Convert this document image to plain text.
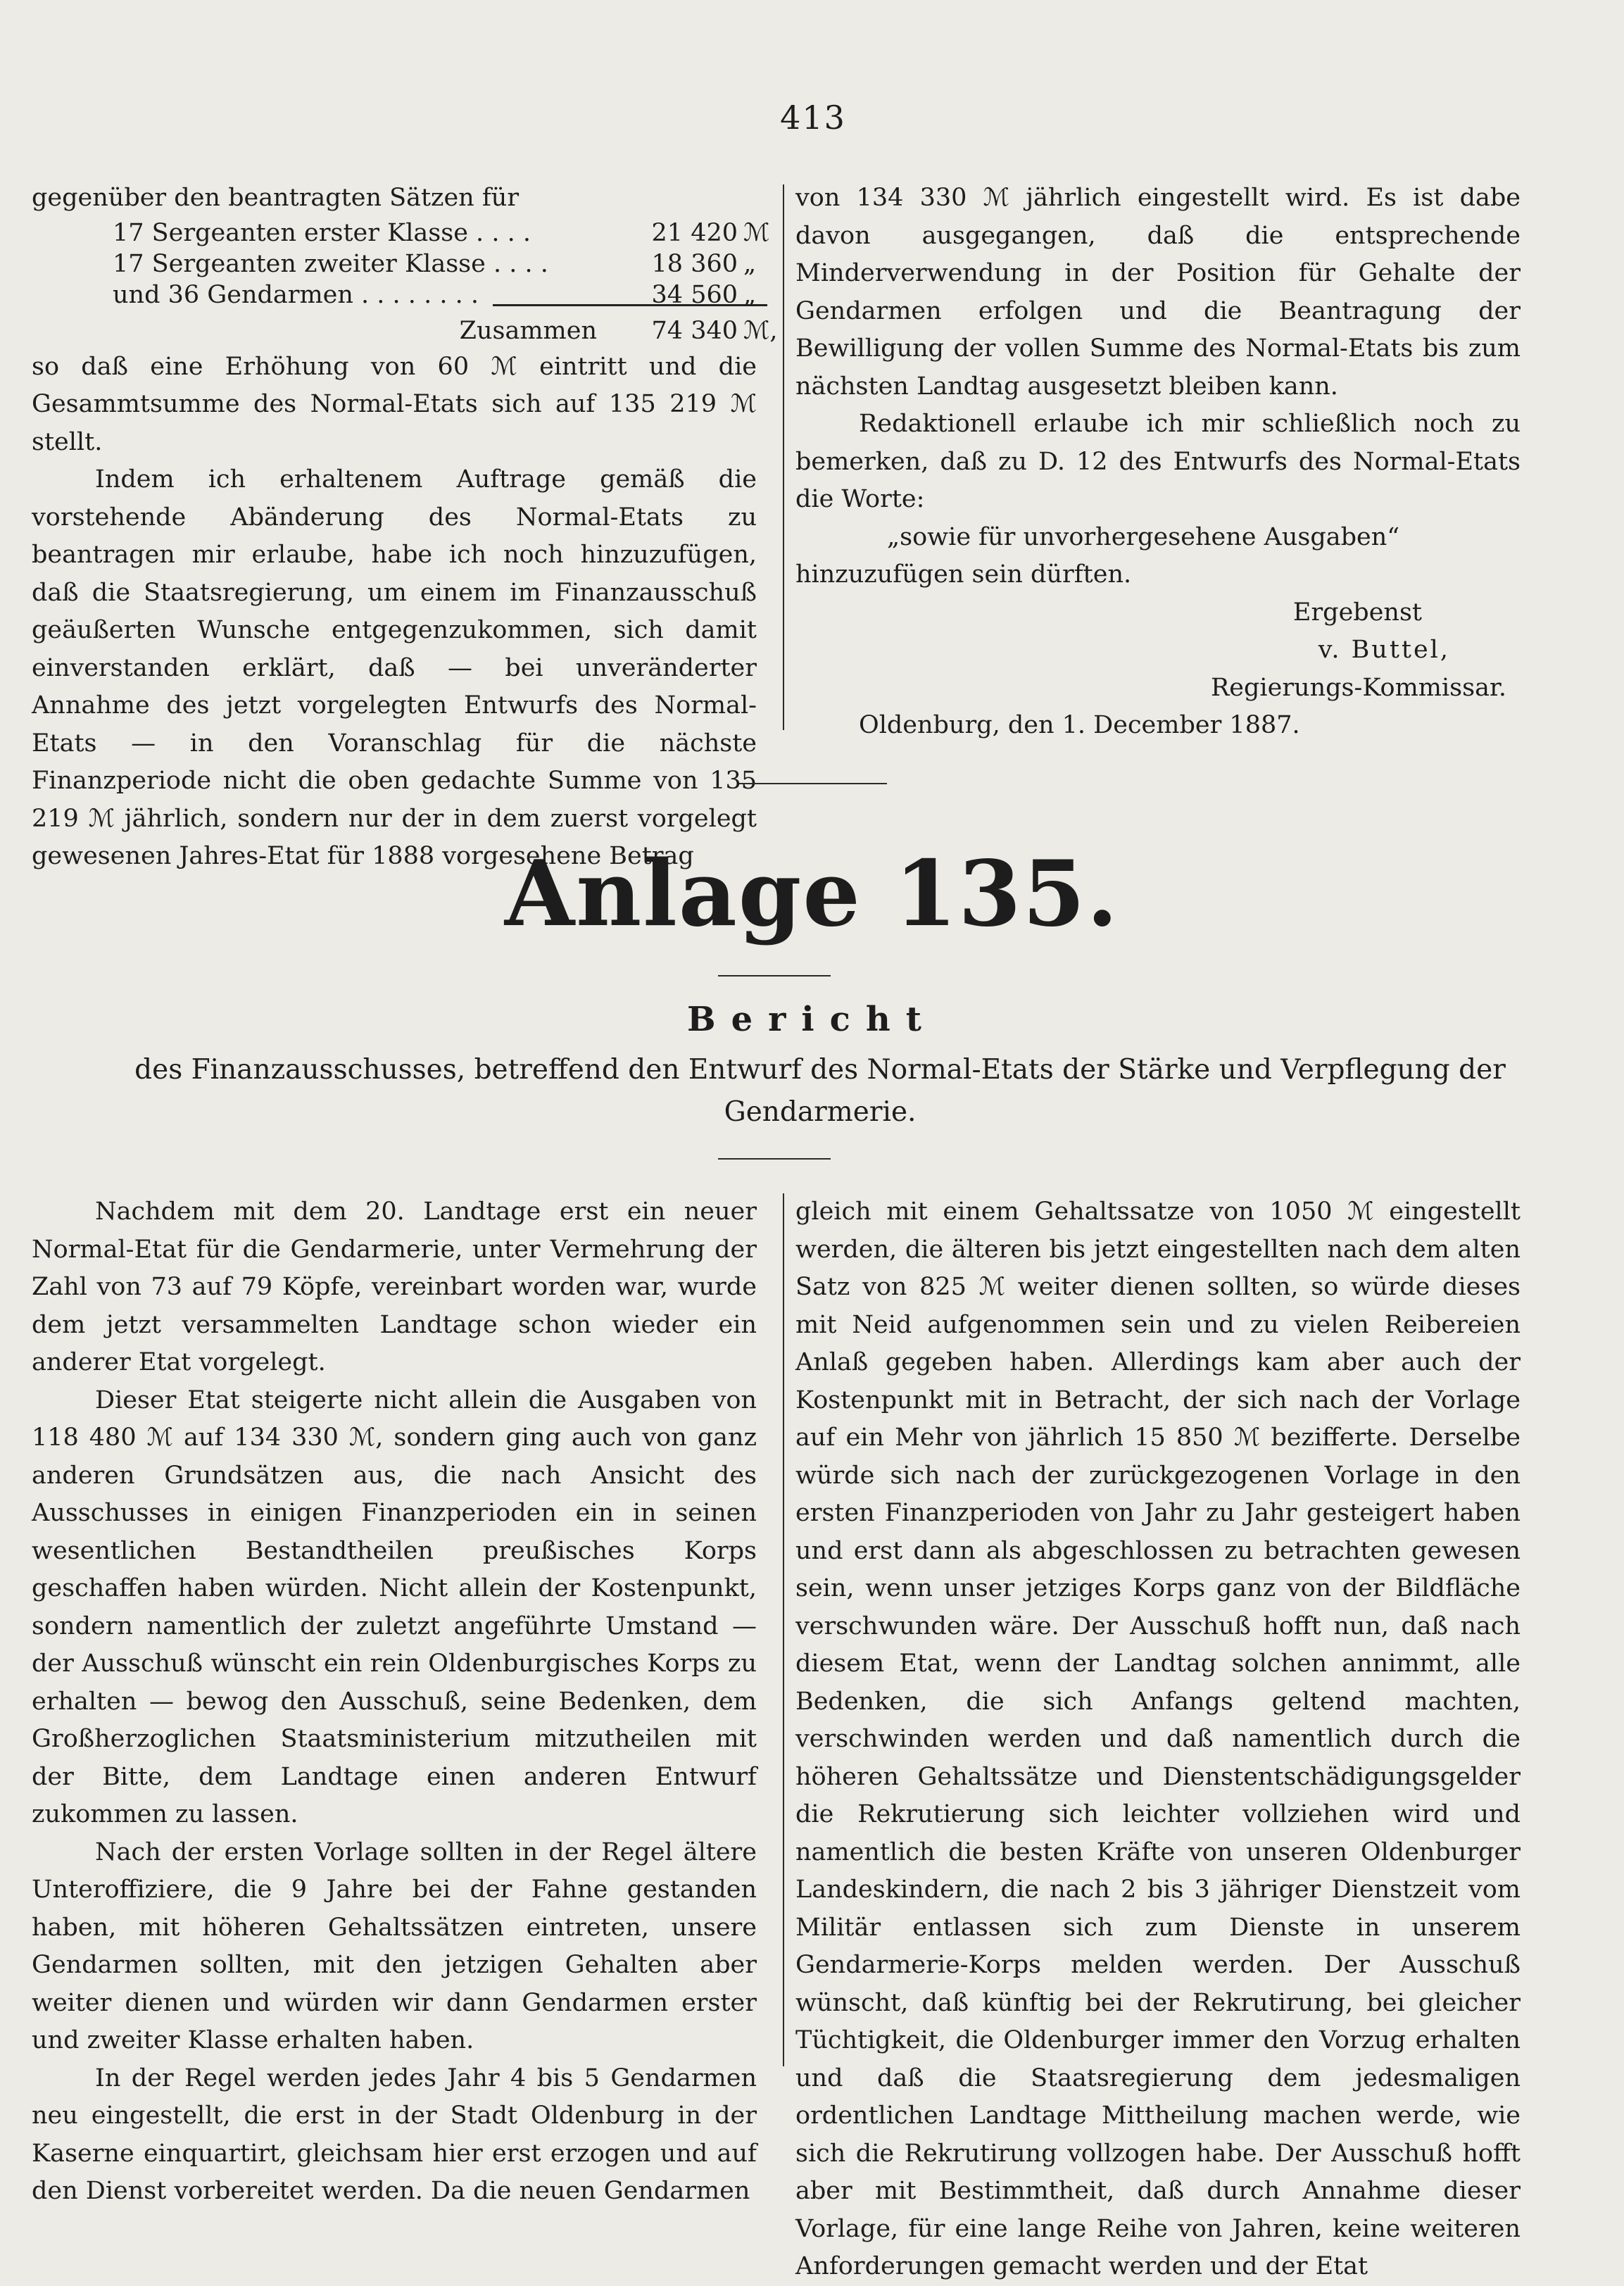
413

gegenüber den beantragten Sätzen für

17 Sergeanten erster Klasse . . . .	21 420 ℳ
17 Sergeanten zweiter Klasse . . . .	18 360 „
und 36 Gendarmen . . . . . . . .	34 560 „
Zusammen	74 340 ℳ,

so daß eine Erhöhung von 60 ℳ eintritt und die Gesammtsumme des Normal-Etats sich auf 135 219 ℳ stellt.

Indem ich erhaltenem Auftrage gemäß die vorstehende Abänderung des Normal-Etats zu beantragen mir erlaube, habe ich noch hinzuzufügen, daß die Staatsregierung, um einem im Finanzausschuß geäußerten Wunsche entgegenzukommen, sich damit einverstanden erklärt, daß — bei unveränderter Annahme des jetzt vorgelegten Entwurfs des Normal-Etats — in den Voranschlag für die nächste Finanzperiode nicht die oben gedachte Summe von 135 219 ℳ jährlich, sondern nur der in dem zuerst vorgelegt gewesenen Jahres-Etat für 1888 vorgesehene Betrag

von 134 330 ℳ jährlich eingestellt wird. Es ist dabe davon ausgegangen, daß die entsprechende Minderverwendung in der Position für Gehalte der Gendarmen erfolgen und die Beantragung der Bewilligung der vollen Summe des Normal-Etats bis zum nächsten Landtag ausgesetzt bleiben kann.

Redaktionell erlaube ich mir schließlich noch zu bemerken, daß zu D. 12 des Entwurfs des Normal-Etats die Worte:

„sowie für unvorhergesehene Ausgaben“

hinzuzufügen sein dürften.

Ergebenst

v. Buttel,

Regierungs-Kommissar.

Oldenburg, den 1. December 1887.

Anlage 135.
Bericht
des Finanzausschusses, betreffend den Entwurf des Normal-Etats der Stärke und Verpflegung der Gendarmerie.

Nachdem mit dem 20. Landtage erst ein neuer Normal-Etat für die Gendarmerie, unter Vermehrung der Zahl von 73 auf 79 Köpfe, vereinbart worden war, wurde dem jetzt versammelten Landtage schon wieder ein anderer Etat vorgelegt.

Dieser Etat steigerte nicht allein die Ausgaben von 118 480 ℳ auf 134 330 ℳ, sondern ging auch von ganz anderen Grundsätzen aus, die nach Ansicht des Ausschusses in einigen Finanzperioden ein in seinen wesentlichen Bestandtheilen preußisches Korps geschaffen haben würden. Nicht allein der Kostenpunkt, sondern namentlich der zuletzt angeführte Umstand — der Ausschuß wünscht ein rein Oldenburgisches Korps zu erhalten — bewog den Ausschuß, seine Bedenken, dem Großherzoglichen Staatsministerium mitzutheilen mit der Bitte, dem Landtage einen anderen Entwurf zukommen zu lassen.

Nach der ersten Vorlage sollten in der Regel ältere Unteroffiziere, die 9 Jahre bei der Fahne gestanden haben, mit höheren Gehaltssätzen eintreten, unsere Gendarmen sollten, mit den jetzigen Gehalten aber weiter dienen und würden wir dann Gendarmen erster und zweiter Klasse erhalten haben.

In der Regel werden jedes Jahr 4 bis 5 Gendarmen neu eingestellt, die erst in der Stadt Oldenburg in der Kaserne einquartirt, gleichsam hier erst erzogen und auf den Dienst vorbereitet werden. Da die neuen Gendarmen

gleich mit einem Gehaltssatze von 1050 ℳ eingestellt werden, die älteren bis jetzt eingestellten nach dem alten Satz von 825 ℳ weiter dienen sollten, so würde dieses mit Neid aufgenommen sein und zu vielen Reibereien Anlaß gegeben haben. Allerdings kam aber auch der Kostenpunkt mit in Betracht, der sich nach der Vorlage auf ein Mehr von jährlich 15 850 ℳ bezifferte. Derselbe würde sich nach der zurückgezogenen Vorlage in den ersten Finanzperioden von Jahr zu Jahr gesteigert haben und erst dann als abgeschlossen zu betrachten gewesen sein, wenn unser jetziges Korps ganz von der Bildfläche verschwunden wäre. Der Ausschuß hofft nun, daß nach diesem Etat, wenn der Landtag solchen annimmt, alle Bedenken, die sich Anfangs geltend machten, verschwinden werden und daß namentlich durch die höheren Gehaltssätze und Dienstentschädigungsgelder die Rekrutierung sich leichter vollziehen wird und namentlich die besten Kräfte von unseren Oldenburger Landeskindern, die nach 2 bis 3 jähriger Dienstzeit vom Militär entlassen sich zum Dienste in unserem Gendarmerie-Korps melden werden. Der Ausschuß wünscht, daß künftig bei der Rekrutirung, bei gleicher Tüchtigkeit, die Oldenburger immer den Vorzug erhalten und daß die Staatsregierung dem jedesmaligen ordentlichen Landtage Mittheilung machen werde, wie sich die Rekrutirung vollzogen habe. Der Ausschuß hofft aber mit Bestimmtheit, daß durch Annahme dieser Vorlage, für eine lange Reihe von Jahren, keine weiteren Anforderungen gemacht werden und der Etat
